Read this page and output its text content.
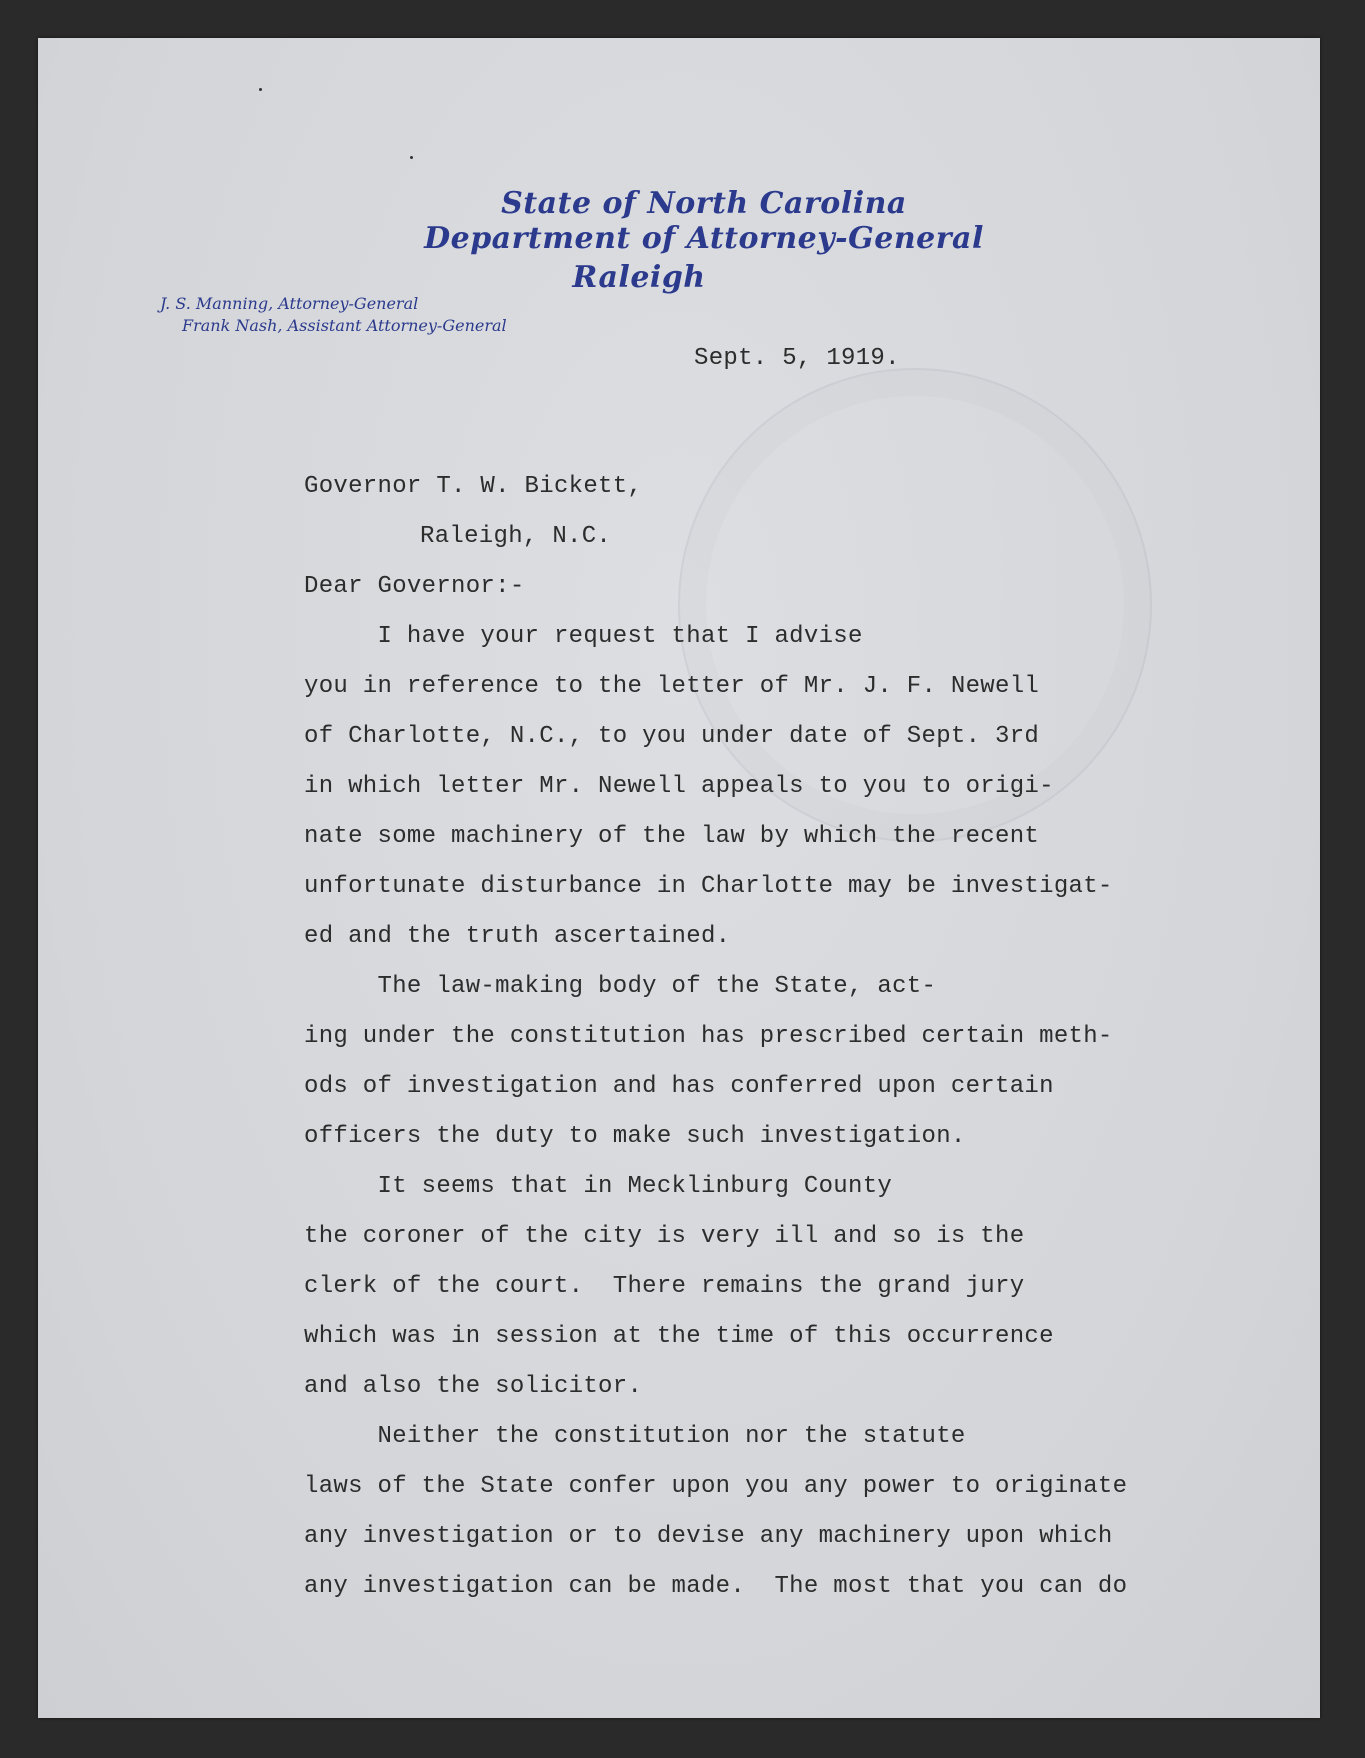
State of North Carolina
Department of Attorney-General
Raleigh
J. S. Manning, Attorney-General
Frank Nash, Assistant Attorney-General
Sept. 5, 1919.
Governor T. W. Bickett,
Raleigh, N.C.
Dear Governor:-
I have your request that I advise
you in reference to the letter of Mr. J. F. Newell
of Charlotte, N.C., to you under date of Sept. 3rd
in which letter Mr. Newell appeals to you to origi-
nate some machinery of the law by which the recent
unfortunate disturbance in Charlotte may be investigat-
ed and the truth ascertained.
The law-making body of the State, act-
ing under the constitution has prescribed certain meth-
ods of investigation and has conferred upon certain
officers the duty to make such investigation.
It seems that in Mecklinburg County
the coroner of the city is very ill and so is the
clerk of the court.  There remains the grand jury
which was in session at the time of this occurrence
and also the solicitor.
Neither the constitution nor the statute
laws of the State confer upon you any power to originate
any investigation or to devise any machinery upon which
any investigation can be made.  The most that you can do
